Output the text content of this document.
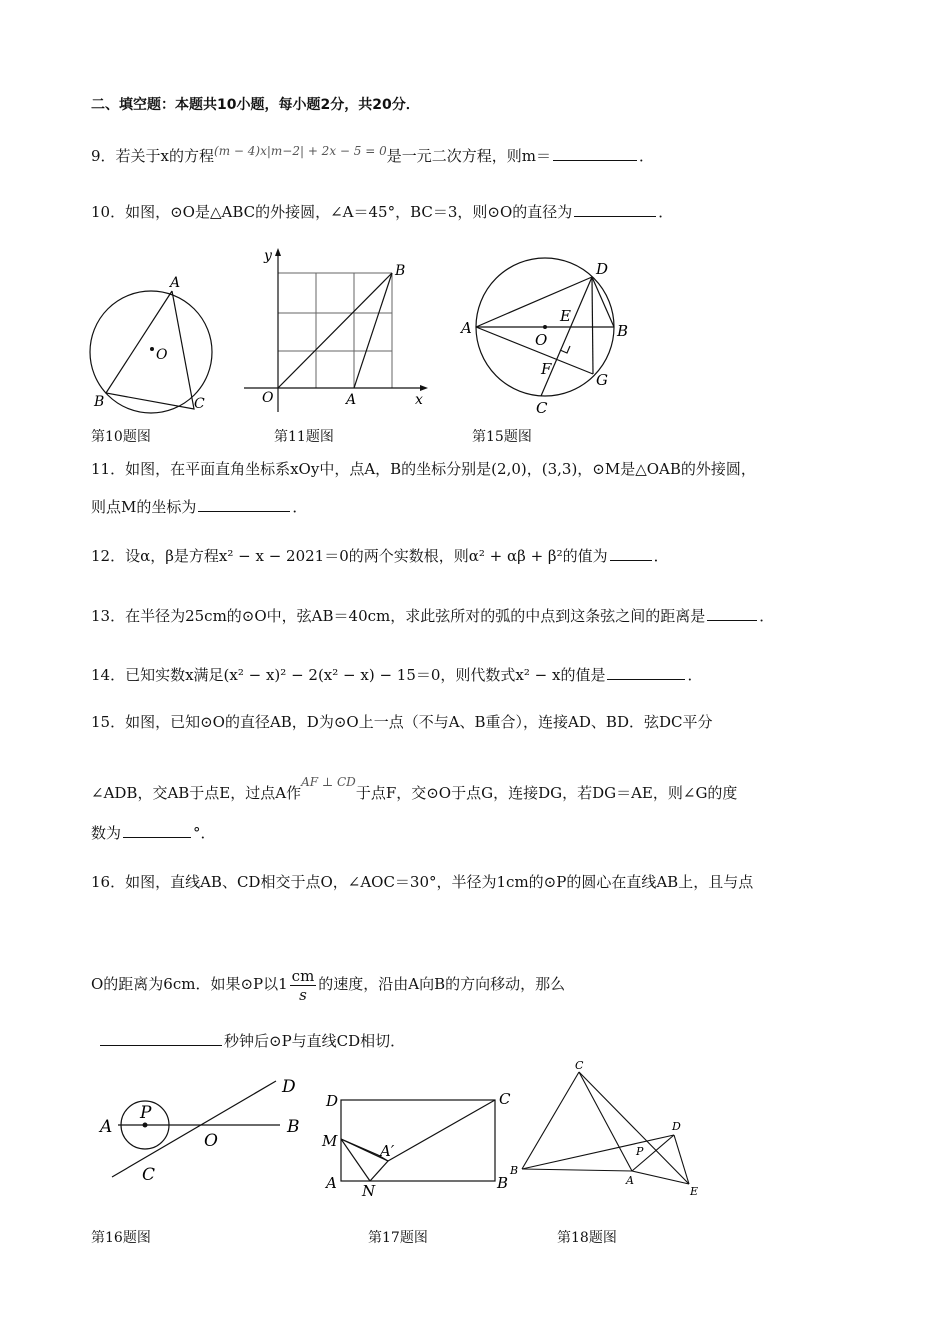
二、填空题：本题共10小题，每小题2分，共20分．
9．若关于x的方程$^{(m - 4)x|m-2| + 2x - 5 = 0}$是一元二次方程，则m＝	．
10．如图，⊙O是△ABC的外接圆，∠A＝45°，BC＝3，则⊙O的直径为	．
A
O
B	C
第10题图
y
B
O	A	x
第11题图
D
E
A
O	B
F
G
C
第15题图
11．如图，在平面直角坐标系xOy中，点A，B的坐标分别是(2,0)，(3,3)，⊙M是△OAB的外接圆，
则点M的坐标为	．
12．设α，β是方程x² − x − 2021＝0的两个实数根，则α² + αβ + β²的值为	．
13．在半径为25cm的⊙O中，弦AB＝40cm，求此弦所对的弧的中点到这条弦之间的距离是	．
14．已知实数x满足(x² − x)² − 2(x² − x) − 15＝0，则代数式x² − x的值是	．
15．如图，已知⊙O的直径AB，D为⊙O上一点（不与A、B重合），连接AD、BD．弦DC平分
∠ADB，交AB于点E，过点A作$^{AF \perp CD}$于点F，交⊙O于点G，连接DG，若DG＝AE，则∠G的度
数为	°．
16．如图，直线AB、CD相交于点O，∠AOC＝30°，半径为1cm的⊙P的圆心在直线AB上，且与点
O的距离为6cm．如果⊙P以$1 \frac{cm}{s}$ 的速度，沿由A向B的方向移动，那么
秒钟后⊙P与直线CD相切．
D
P
A
O
B
C
第16题图
D	C
M
A′
A N	B
第17题图
C
D
P
B
A
E
第18题图
